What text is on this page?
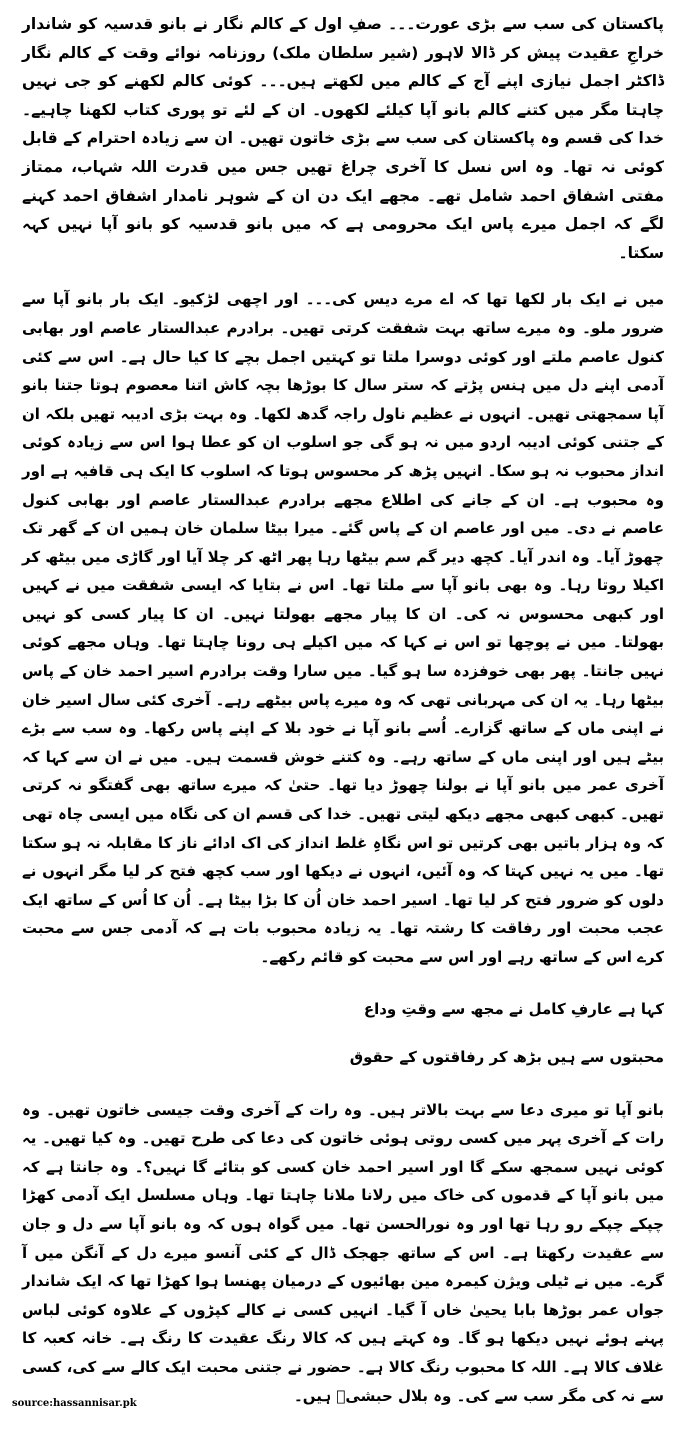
پاکستان کی سب سے بڑی عورت۔۔۔ صفِ اول کے کالم نگار نے بانو قدسیہ کو شاندار خراجِ عقیدت پیش کر ڈالا لاہور (شیر سلطان ملک) روزنامہ نوائے وقت کے کالم نگار ڈاکٹر اجمل نیازی اپنے آج کے کالم میں لکھتے ہیں۔۔۔ کوئی کالم لکھنے کو جی نہیں چاہتا مگر میں کتنے کالم بانو آپا کیلئے لکھوں۔ ان کے لئے تو پوری کتاب لکھنا چاہیے۔ خدا کی قسم وہ پاکستان کی سب سے بڑی خاتون تھیں۔ ان سے زیادہ احترام کے قابل کوئی نہ تھا۔ وہ اس نسل کا آخری چراغ تھیں جس میں قدرت اللہ شہاب، ممتاز مفتی اشفاق احمد شامل تھے۔ مجھے ایک دن ان کے شوہر نامدار اشفاق احمد کہنے لگے کہ اجمل میرے پاس ایک محرومی ہے کہ میں بانو قدسیہ کو بانو آپا نہیں کہہ سکتا۔

میں نے ایک بار لکھا تھا کہ اے مرے دیس کی۔۔۔ اور اچھی لڑکیو۔ ایک بار بانو آپا سے ضرور ملو۔ وہ میرے ساتھ بہت شفقت کرتی تھیں۔ برادرم عبدالستار عاصم اور بھابی کنول عاصم ملتے اور کوئی دوسرا ملتا تو کہتیں اجمل بچے کا کیا حال ہے۔ اس سے کئی آدمی اپنے دل میں ہنس پڑتے کہ ستر سال کا بوڑھا بچہ کاش اتنا معصوم ہوتا جتنا بانو آپا سمجھتی تھیں۔ انہوں نے عظیم ناول راجہ گدھ لکھا۔ وہ بہت بڑی ادیبہ تھیں بلکہ ان کے جتنی کوئی ادیبہ اردو میں نہ ہو گی جو اسلوب ان کو عطا ہوا اس سے زیادہ کوئی انداز محبوب نہ ہو سکا۔ انہیں پڑھ کر محسوس ہوتا کہ اسلوب کا ایک ہی قافیہ ہے اور وہ محبوب ہے۔ ان کے جانے کی اطلاع مجھے برادرم عبدالستار عاصم اور بھابی کنول عاصم نے دی۔ میں اور عاصم ان کے پاس گئے۔ میرا بیٹا سلمان خان ہمیں ان کے گھر تک چھوڑ آیا۔ وہ اندر آیا۔ کچھ دیر گم سم بیٹھا رہا پھر اٹھ کر چلا آیا اور گاڑی میں بیٹھ کر اکیلا روتا رہا۔ وہ بھی بانو آپا سے ملتا تھا۔ اس نے بتایا کہ ایسی شفقت میں نے کہیں اور کبھی محسوس نہ کی۔ ان کا پیار مجھے بھولتا نہیں۔ ان کا پیار کسی کو نہیں بھولتا۔ میں نے پوچھا تو اس نے کہا کہ میں اکیلے ہی رونا چاہتا تھا۔ وہاں مجھے کوئی نہیں جانتا۔ پھر بھی خوفزدہ سا ہو گیا۔ میں سارا وقت برادرم اسیر احمد خان کے پاس بیٹھا رہا۔ یہ ان کی مہربانی تھی کہ وہ میرے پاس بیٹھے رہے۔ آخری کئی سال اسیر خان نے اپنی ماں کے ساتھ گزارے۔ اُسے بانو آپا نے خود بلا کے اپنے پاس رکھا۔ وہ سب سے بڑے بیٹے ہیں اور اپنی ماں کے ساتھ رہے۔ وہ کتنے خوش قسمت ہیں۔ میں نے ان سے کہا کہ آخری عمر میں بانو آپا نے بولنا چھوڑ دیا تھا۔ حتیٰ کہ میرے ساتھ بھی گفتگو نہ کرتی تھیں۔ کبھی کبھی مجھے دیکھ لیتی تھیں۔ خدا کی قسم ان کی نگاہ میں ایسی چاہ تھی کہ وہ ہزار باتیں بھی کرتیں تو اس نگاہِ غلط انداز کی اک ادائے ناز کا مقابلہ نہ ہو سکتا تھا۔ میں یہ نہیں کہتا کہ وہ آئیں، انہوں نے دیکھا اور سب کچھ فتح کر لیا مگر انہوں نے دلوں کو ضرور فتح کر لیا تھا۔ اسیر احمد خان اُن کا بڑا بیٹا ہے۔ اُن کا اُس کے ساتھ ایک عجب محبت اور رفاقت کا رشتہ تھا۔ یہ زیادہ محبوب بات ہے کہ آدمی جس سے محبت کرے اس کے ساتھ رہے اور اس سے محبت کو قائم رکھے۔

کہا ہے عارفِ کامل نے مجھ سے وقتِ وداع

محبتوں سے ہیں بڑھ کر رفاقتوں کے حقوق

بانو آپا تو میری دعا سے بہت بالاتر ہیں۔ وہ رات کے آخری وقت جیسی خاتون تھیں۔ وہ رات کے آخری پہر میں کسی روتی ہوئی خاتون کی دعا کی طرح تھیں۔ وہ کیا تھیں۔ یہ کوئی نہیں سمجھ سکے گا اور اسیر احمد خان کسی کو بتائے گا نہیں؟۔ وہ جانتا ہے کہ میں بانو آپا کے قدموں کی خاک میں رلانا ملانا چاہتا تھا۔ وہاں مسلسل ایک آدمی کھڑا چپکے چپکے رو رہا تھا اور وہ نورالحسن تھا۔ میں گواہ ہوں کہ وہ بانو آپا سے دل و جان سے عقیدت رکھتا ہے۔ اس کے ساتھ جھجک ڈال کے کئی آنسو میرے دل کے آنگن میں آ گرے۔ میں نے ٹیلی ویژن کیمرہ مین بھائیوں کے درمیان پھنسا ہوا کھڑا تھا کہ ایک شاندار جواں عمر بوڑھا بابا یحییٰ خاں آ گیا۔ انہیں کسی نے کالے کپڑوں کے علاوہ کوئی لباس پہنے ہوئے نہیں دیکھا ہو گا۔ وہ کہتے ہیں کہ کالا رنگ عقیدت کا رنگ ہے۔ خانہ کعبہ کا غلاف کالا ہے۔ اللہ کا محبوب رنگ کالا ہے۔ حضور نے جتنی محبت ایک کالے سے کی، کسی سے نہ کی مگر سب سے کی۔ وہ بلال حبشیؓ ہیں۔

source:hassannisar.pk
